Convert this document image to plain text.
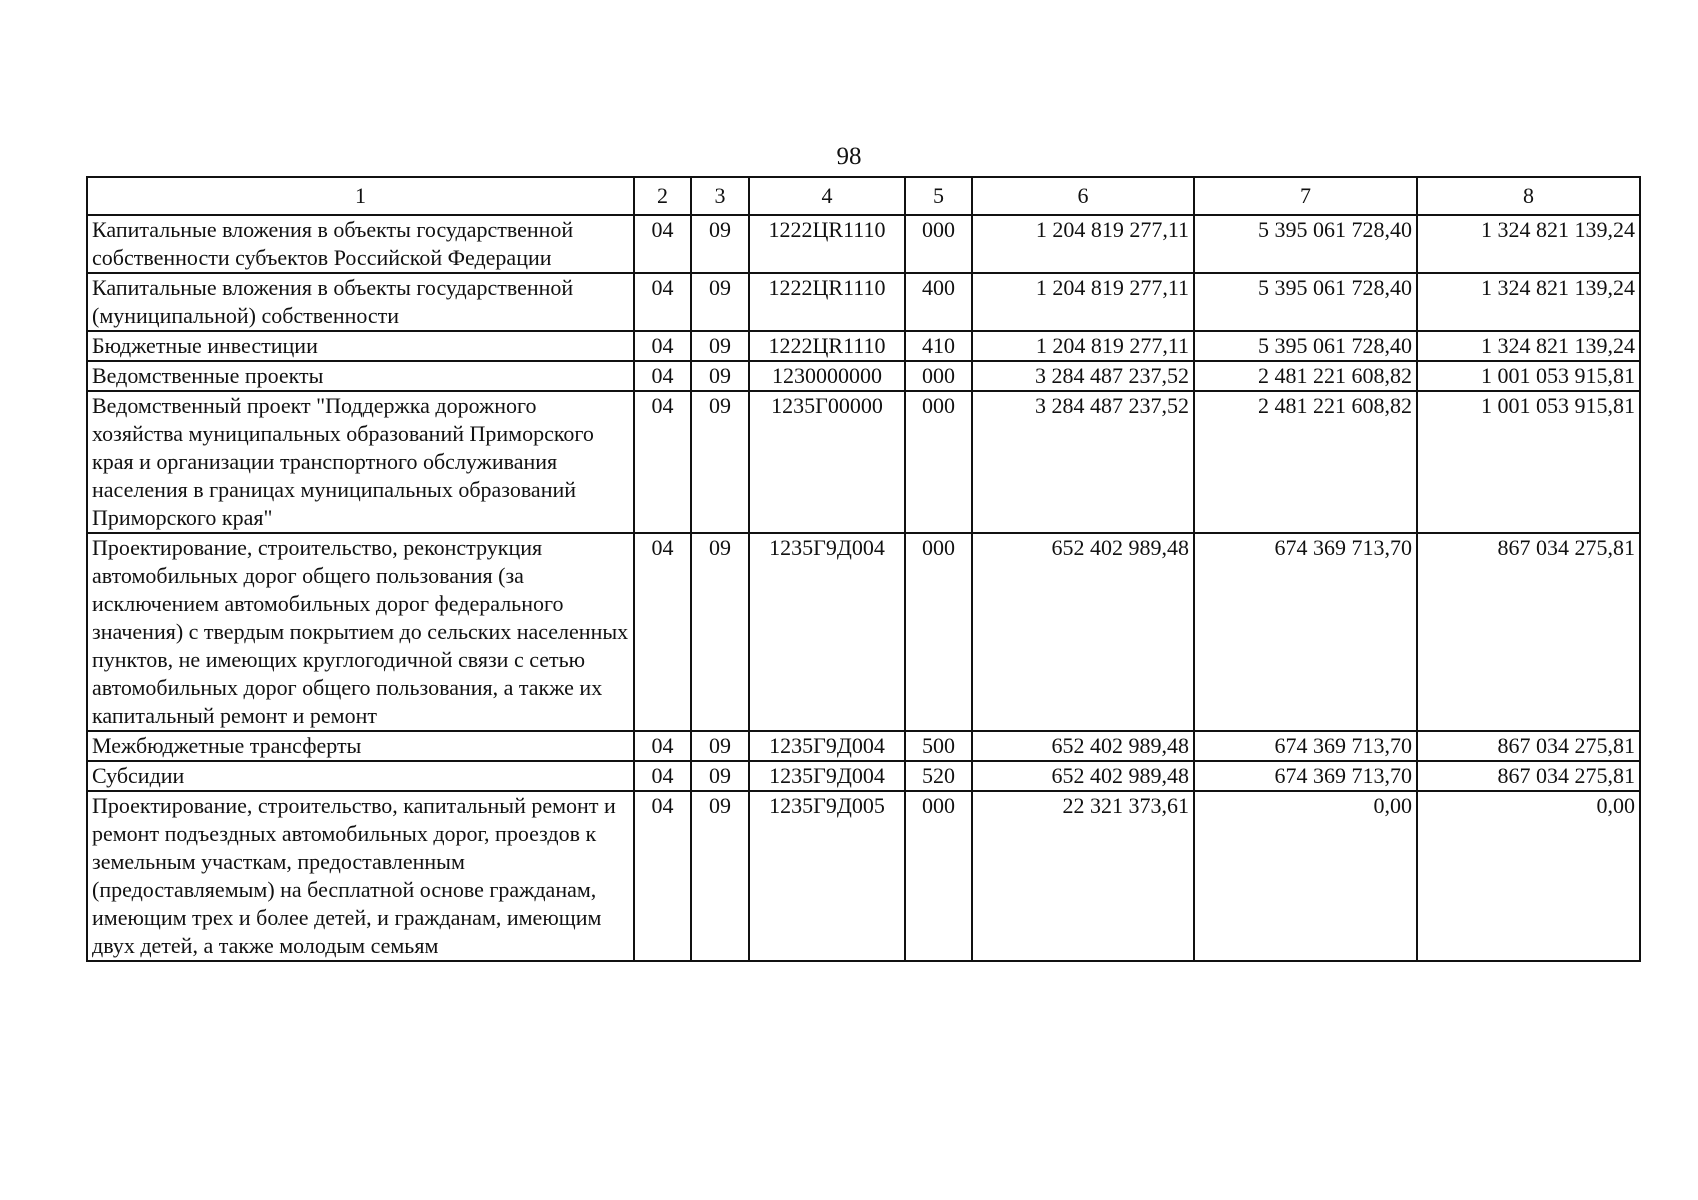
98
1	2	3	4	5	6	7	8
Капитальные вложения в объекты государственной собственности субъектов Российской Федерации	04	09	1222ЦR1110	000	1 204 819 277,11	5 395 061 728,40	1 324 821 139,24
Капитальные вложения в объекты государственной (муниципальной) собственности	04	09	1222ЦR1110	400	1 204 819 277,11	5 395 061 728,40	1 324 821 139,24
Бюджетные инвестиции	04	09	1222ЦR1110	410	1 204 819 277,11	5 395 061 728,40	1 324 821 139,24
Ведомственные проекты	04	09	1230000000	000	3 284 487 237,52	2 481 221 608,82	1 001 053 915,81
Ведомственный проект "Поддержка дорожного хозяйства муниципальных образований Приморского края и организации транспортного обслуживания населения в границах муниципальных образований Приморского края"	04	09	1235Г00000	000	3 284 487 237,52	2 481 221 608,82	1 001 053 915,81
Проектирование, строительство, реконструкция автомобильных дорог общего пользования (за исключением автомобильных дорог федерального значения) с твердым покрытием до сельских населенных пунктов, не имеющих круглогодичной связи с сетью автомобильных дорог общего пользования, а также их капитальный ремонт и ремонт	04	09	1235Г9Д004	000	652 402 989,48	674 369 713,70	867 034 275,81
Межбюджетные трансферты	04	09	1235Г9Д004	500	652 402 989,48	674 369 713,70	867 034 275,81
Субсидии	04	09	1235Г9Д004	520	652 402 989,48	674 369 713,70	867 034 275,81
Проектирование, строительство, капитальный ремонт и ремонт подъездных автомобильных дорог, проездов к земельным участкам, предоставленным (предоставляемым) на бесплатной основе гражданам, имеющим трех и более детей, и гражданам, имеющим двух детей, а также молодым семьям	04	09	1235Г9Д005	000	22 321 373,61	0,00	0,00
